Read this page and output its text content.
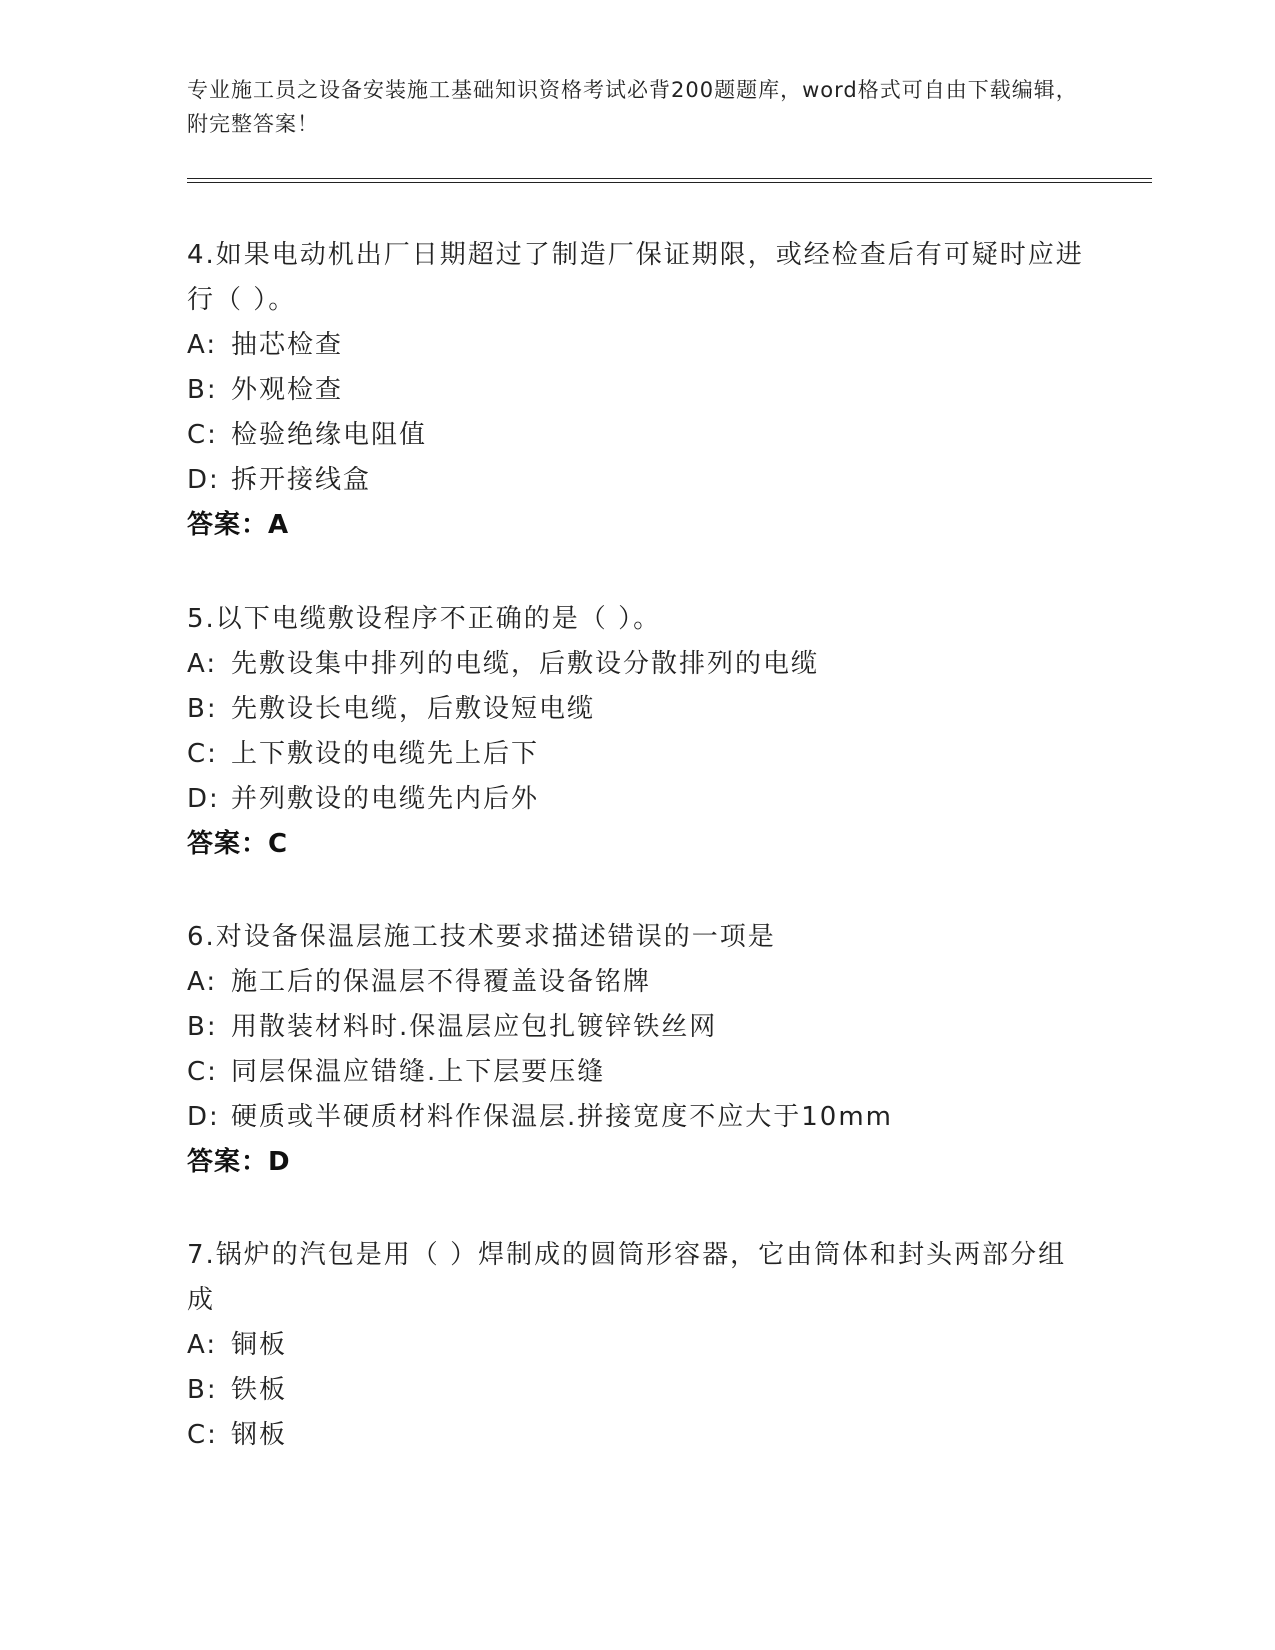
专业施工员之设备安装施工基础知识资格考试必背200题题库，word格式可自由下载编辑，附完整答案！

4.如果电动机出厂日期超过了制造厂保证期限，或经检查后有可疑时应进行（ ）。

A: 抽芯检查

B: 外观检查

C: 检验绝缘电阻值

D: 拆开接线盒

答案：A

5.以下电缆敷设程序不正确的是（ ）。

A: 先敷设集中排列的电缆，后敷设分散排列的电缆

B: 先敷设长电缆，后敷设短电缆

C: 上下敷设的电缆先上后下

D: 并列敷设的电缆先内后外

答案：C

6.对设备保温层施工技术要求描述错误的一项是

A: 施工后的保温层不得覆盖设备铭牌

B: 用散装材料时.保温层应包扎镀锌铁丝网

C: 同层保温应错缝.上下层要压缝

D: 硬质或半硬质材料作保温层.拼接宽度不应大于10mm

答案：D

7.锅炉的汽包是用（ ）焊制成的圆筒形容器，它由筒体和封头两部分组成

A: 铜板

B: 铁板

C: 钢板
